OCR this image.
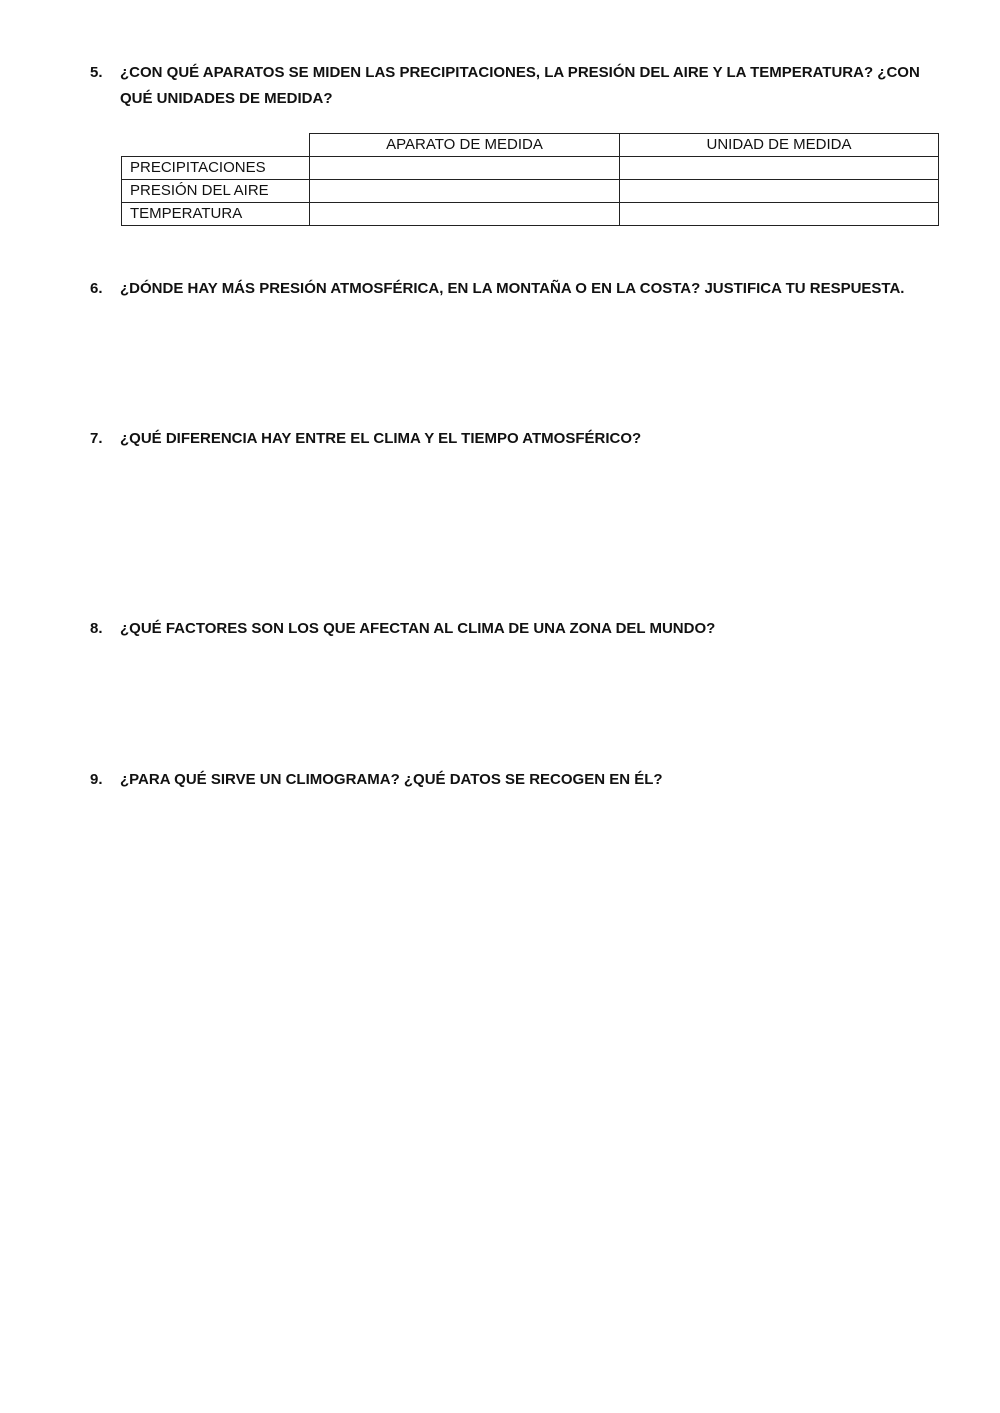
5.	¿CON QUÉ APARATOS SE MIDEN LAS PRECIPITACIONES, LA PRESIÓN DEL AIRE Y LA TEMPERATURA? ¿CON QUÉ UNIDADES DE MEDIDA?
	APARATO DE MEDIDA	UNIDAD DE MEDIDA
PRECIPITACIONES		
PRESIÓN DEL AIRE		
TEMPERATURA		
6.	¿DÓNDE HAY MÁS PRESIÓN ATMOSFÉRICA, EN LA MONTAÑA O EN LA COSTA? JUSTIFICA TU RESPUESTA.
7.	¿QUÉ DIFERENCIA HAY ENTRE EL CLIMA Y EL TIEMPO ATMOSFÉRICO?
8.	¿QUÉ FACTORES SON LOS QUE AFECTAN AL CLIMA DE UNA ZONA DEL MUNDO?
9.	¿PARA QUÉ SIRVE UN CLIMOGRAMA? ¿QUÉ DATOS SE RECOGEN EN ÉL?
